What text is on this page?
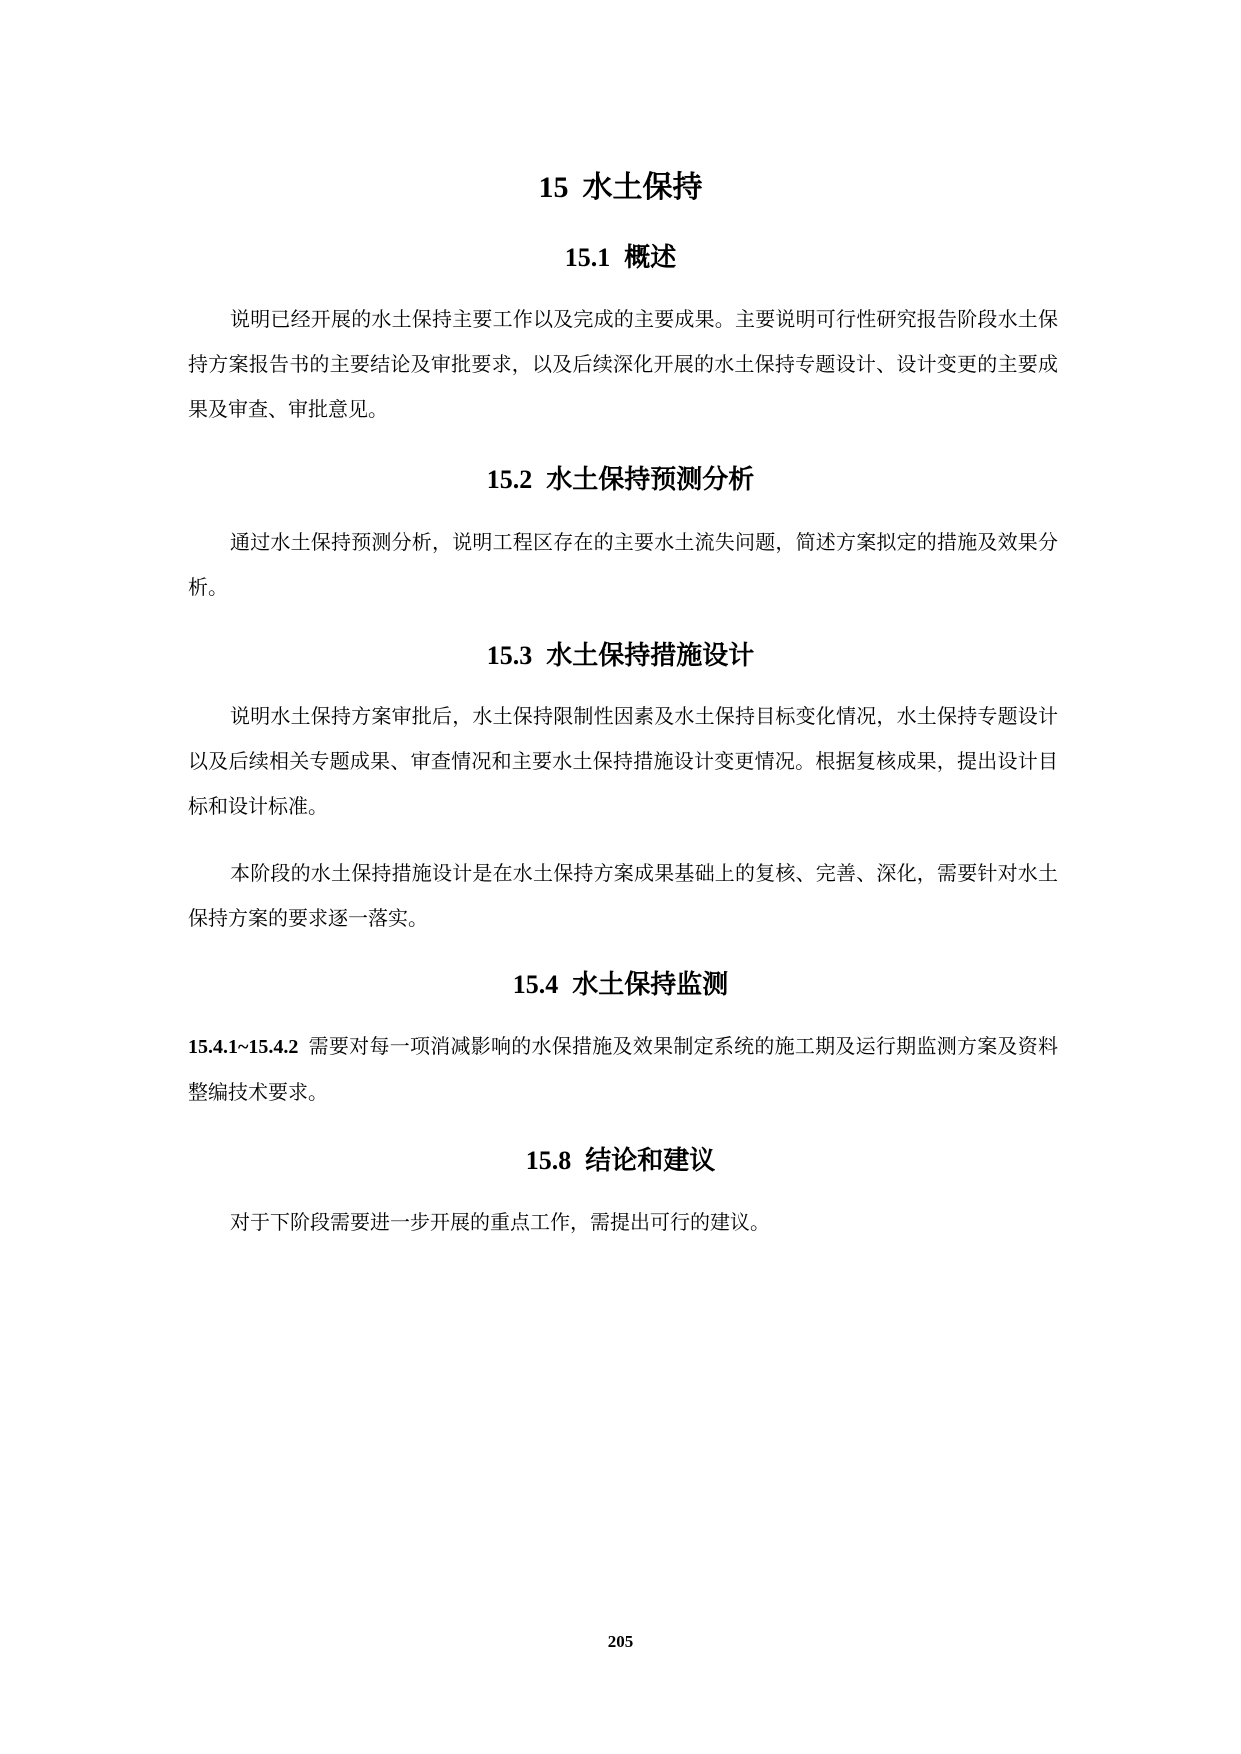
15 水土保持
15.1 概述

说明已经开展的水土保持主要工作以及完成的主要成果。主要说明可行性研究报告阶段水土保持方案报告书的主要结论及审批要求，以及后续深化开展的水土保持专题设计、设计变更的主要成果及审查、审批意见。

15.2 水土保持预测分析

通过水土保持预测分析，说明工程区存在的主要水土流失问题，简述方案拟定的措施及效果分析。

15.3 水土保持措施设计

说明水土保持方案审批后，水土保持限制性因素及水土保持目标变化情况，水土保持专题设计以及后续相关专题成果、审查情况和主要水土保持措施设计变更情况。根据复核成果，提出设计目标和设计标准。

本阶段的水土保持措施设计是在水土保持方案成果基础上的复核、完善、深化，需要针对水土保持方案的要求逐一落实。

15.4 水土保持监测

15.4.1~15.4.2 需要对每一项消减影响的水保措施及效果制定系统的施工期及运行期监测方案及资料整编技术要求。

15.8 结论和建议

对于下阶段需要进一步开展的重点工作，需提出可行的建议。

205
